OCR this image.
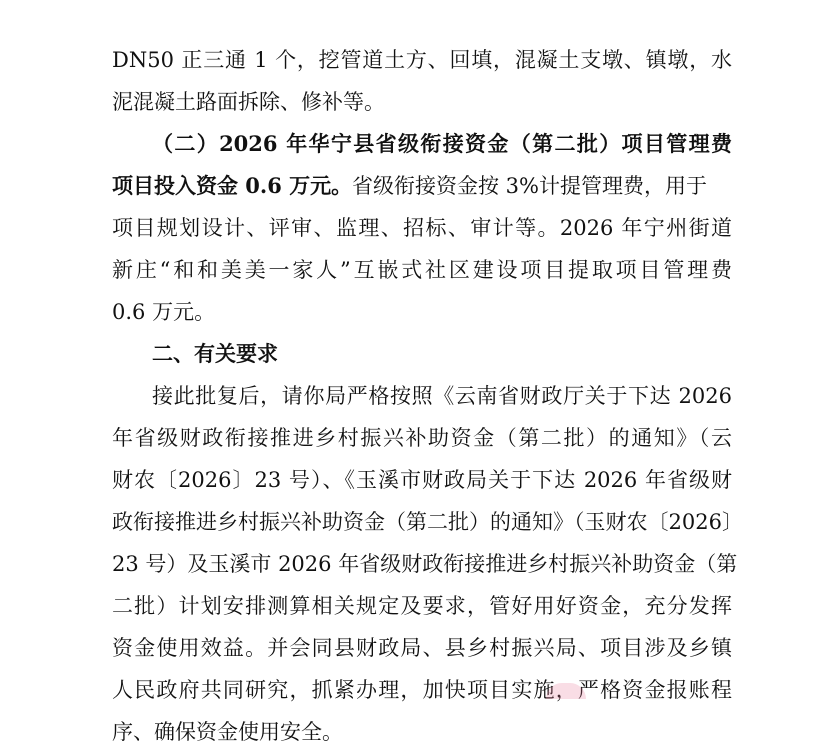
DN50 正三通 1 个，挖管道土方、回填，混凝土支墩、镇墩，水
泥混凝土路面拆除、修补等。
（二）2026 年华宁县省级衔接资金（第二批）项目管理费
项目投入资金 0.6 万元。 省级衔接资金按 3%计提管理费，用于
项目规划设计、评审、监理、招标、审计等。2026 年宁州街道
新庄“和和美美一家人”互嵌式社区建设项目提取项目管理费
0.6 万元。
二、有关要求
接此批复后，请你局严格按照《云南省财政厅关于下达 2026
年省级财政衔接推进乡村振兴补助资金（第二批）的通知》（云
财农〔2026〕23 号）、《玉溪市财政局关于下达 2026 年省级财
政衔接推进乡村振兴补助资金（第二批）的通知》（玉财农〔2026〕
23 号）及玉溪市 2026 年省级财政衔接推进乡村振兴补助资金（第
二批）计划安排测算相关规定及要求，管好用好资金，充分发挥
资金使用效益。并会同县财政局、县乡村振兴局、项目涉及乡镇
人民政府共同研究，抓紧办理，加快项目实施，严格资金报账程
序、确保资金使用安全。
